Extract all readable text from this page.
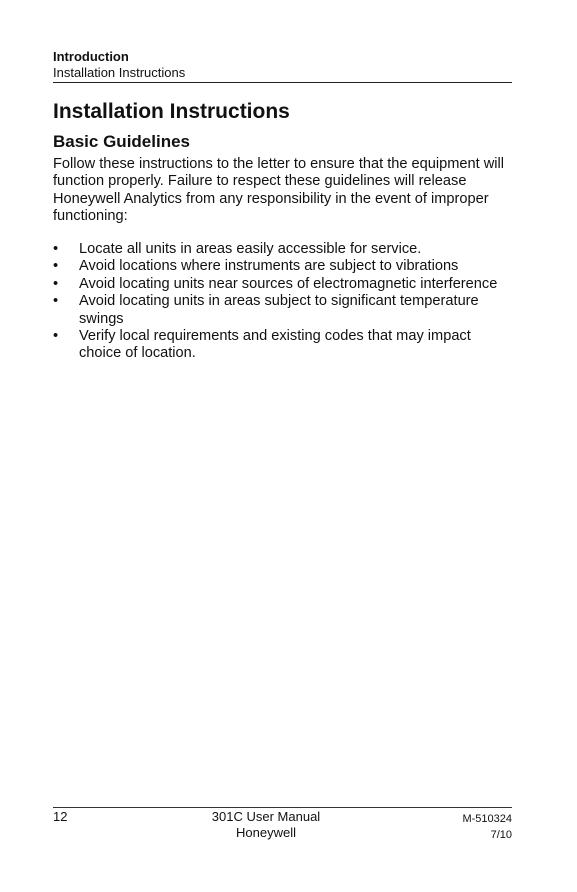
Introduction
Installation Instructions
Installation Instructions
Basic Guidelines

Follow these instructions to the letter to ensure that the equipment will function properly. Failure to respect these guidelines will release Honeywell Analytics from any responsibility in the event of improper functioning:

• Locate all units in areas easily accessible for service.
• Avoid locations where instruments are subject to vibrations
• Avoid locating units near sources of electromagnetic interference
• Avoid locating units in areas subject to significant temperature swings
• Verify local requirements and existing codes that may impact choice of location.
12	301C User Manual
Honeywell
M-510324
7/10
